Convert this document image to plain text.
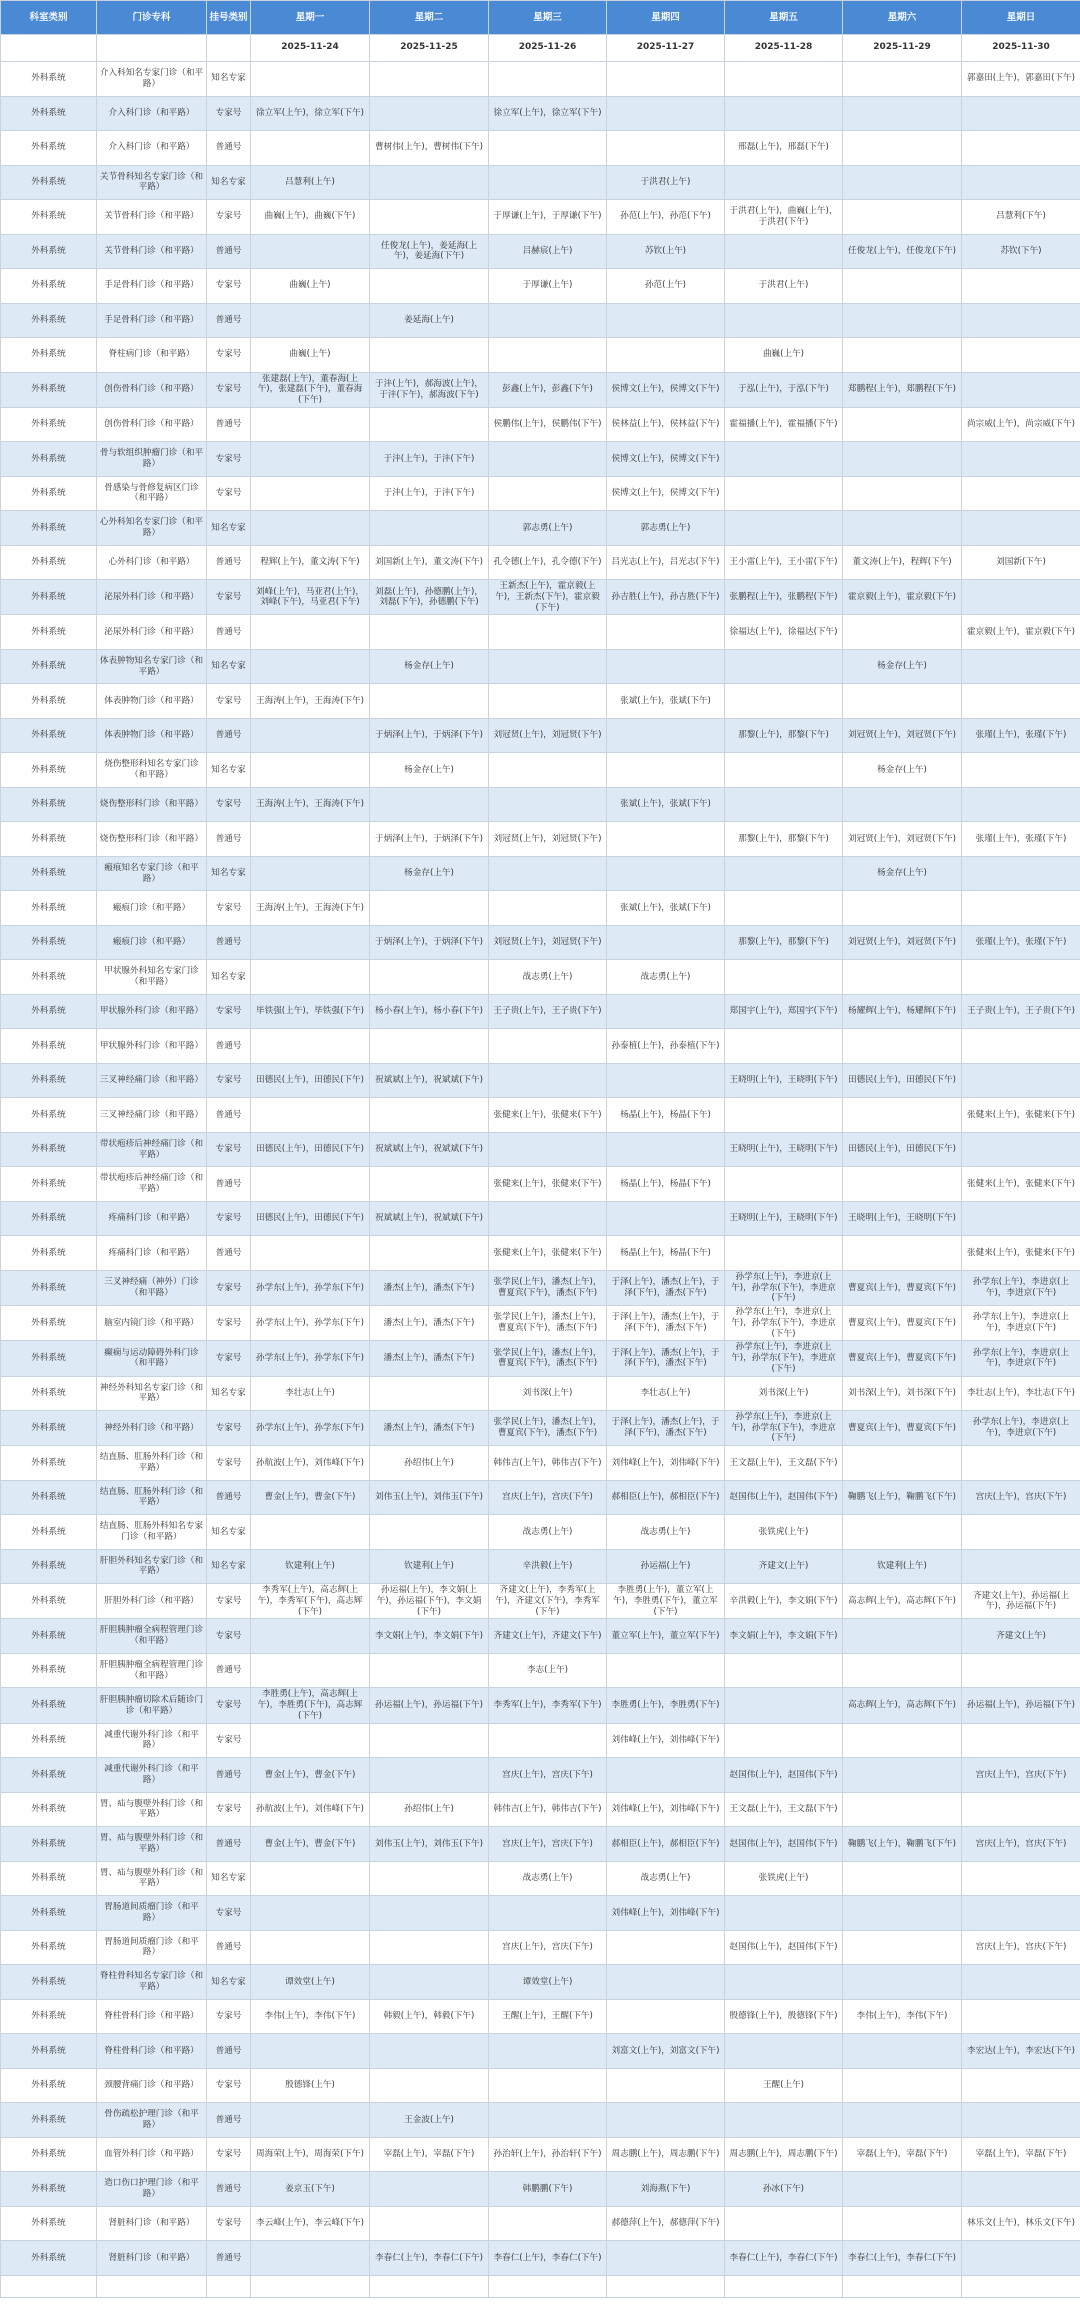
科室类别	门诊专科	挂号类别	星期一	星期二	星期三	星期四	星期五	星期六	星期日
			2025-11-24	2025-11-25	2025-11-26	2025-11-27	2025-11-28	2025-11-29	2025-11-30
外科系统	介入科知名专家门诊（和平路）	知名专家							郭嘉田(上午)，郭嘉田(下午)
外科系统	介入科门诊（和平路）	专家号	徐立军(上午)，徐立军(下午)		徐立军(上午)，徐立军(下午)				
外科系统	介入科门诊（和平路）	普通号		曹树伟(上午)，曹树伟(下午)			邢磊(上午)，邢磊(下午)		
外科系统	关节骨科知名专家门诊（和平路）	知名专家	吕慧利(上午)			于洪君(上午)			
外科系统	关节骨科门诊（和平路）	专家号	曲巍(上午)，曲巍(下午)		于厚谦(上午)，于厚谦(下午)	孙范(上午)，孙范(下午)	于洪君(上午)，曲巍(上午)，于洪君(下午)		吕慧利(下午)
外科系统	关节骨科门诊（和平路）	普通号		任俊龙(上午)，姜延海(上午)，姜延海(下午)	吕赫宸(上午)	苏钦(上午)		任俊龙(上午)，任俊龙(下午)	苏钦(下午)
外科系统	手足骨科门诊（和平路）	专家号	曲巍(上午)		于厚谦(上午)	孙范(上午)	于洪君(上午)		
外科系统	手足骨科门诊（和平路）	普通号		姜延海(上午)					
外科系统	脊柱病门诊（和平路）	专家号	曲巍(上午)				曲巍(上午)		
外科系统	创伤骨科门诊（和平路）	专家号	张建磊(上午)，董春海(上午)，张建磊(下午)，董春海(下午)	于沣(上午)，郝海波(上午)，于沣(下午)，郝海波(下午)	彭鑫(上午)，彭鑫(下午)	侯博文(上午)，侯博文(下午)	于泓(上午)，于泓(下午)	郑鹏程(上午)，郑鹏程(下午)	
外科系统	创伤骨科门诊（和平路）	普通号			侯鹏伟(上午)，侯鹏伟(下午)	侯林益(上午)，侯林益(下午)	霍福播(上午)，霍福播(下午)		尚宗威(上午)，尚宗威(下午)
外科系统	骨与软组织肿瘤门诊（和平路）	专家号		于沣(上午)，于沣(下午)		侯博文(上午)，侯博文(下午)			
外科系统	骨感染与骨修复病区门诊（和平路）	专家号		于沣(上午)，于沣(下午)		侯博文(上午)，侯博文(下午)			
外科系统	心外科知名专家门诊（和平路）	知名专家			郭志勇(上午)	郭志勇(上午)			
外科系统	心外科门诊（和平路）	普通号	程辉(上午)，董文涛(下午)	刘国新(上午)，董文涛(下午)	孔令德(上午)，孔令德(下午)	吕光志(上午)，吕光志(下午)	王小雷(上午)，王小雷(下午)	董文涛(上午)，程辉(下午)	刘国新(下午)
外科系统	泌尿外科门诊（和平路）	专家号	刘峰(上午)，马亚君(上午)，刘峰(下午)，马亚君(下午)	刘磊(上午)，孙德鹏(上午)，刘磊(下午)，孙德鹏(下午)	王新杰(上午)，霍京毅(上午)，王新杰(下午)，霍京毅(下午)	孙吉胜(上午)，孙吉胜(下午)	张鹏程(上午)，张鹏程(下午)	霍京毅(上午)，霍京毅(下午)	
外科系统	泌尿外科门诊（和平路）	普通号					徐福达(上午)，徐福达(下午)		霍京毅(上午)，霍京毅(下午)
外科系统	体表肿物知名专家门诊（和平路）	知名专家		杨金存(上午)				杨金存(上午)	
外科系统	体表肿物门诊（和平路）	专家号	王海涛(上午)，王海涛(下午)			张斌(上午)，张斌(下午)			
外科系统	体表肿物门诊（和平路）	普通号		于炳泽(上午)，于炳泽(下午)	刘冠贤(上午)，刘冠贤(下午)		那黎(上午)，那黎(下午)	刘冠贤(上午)，刘冠贤(下午)	张瑾(上午)，张瑾(下午)
外科系统	烧伤整形科知名专家门诊（和平路）	知名专家		杨金存(上午)				杨金存(上午)	
外科系统	烧伤整形科门诊（和平路）	专家号	王海涛(上午)，王海涛(下午)			张斌(上午)，张斌(下午)			
外科系统	烧伤整形科门诊（和平路）	普通号		于炳泽(上午)，于炳泽(下午)	刘冠贤(上午)，刘冠贤(下午)		那黎(上午)，那黎(下午)	刘冠贤(上午)，刘冠贤(下午)	张瑾(上午)，张瑾(下午)
外科系统	瘢痕知名专家门诊（和平路）	知名专家		杨金存(上午)				杨金存(上午)	
外科系统	瘢痕门诊（和平路）	专家号	王海涛(上午)，王海涛(下午)			张斌(上午)，张斌(下午)			
外科系统	瘢痕门诊（和平路）	普通号		于炳泽(上午)，于炳泽(下午)	刘冠贤(上午)，刘冠贤(下午)		那黎(上午)，那黎(下午)	刘冠贤(上午)，刘冠贤(下午)	张瑾(上午)，张瑾(下午)
外科系统	甲状腺外科知名专家门诊（和平路）	知名专家			战志勇(上午)	战志勇(上午)			
外科系统	甲状腺外科门诊（和平路）	专家号	毕铁强(上午)，毕铁强(下午)	杨小春(上午)，杨小春(下午)	王子贵(上午)，王子贵(下午)		郑国宇(上午)，郑国宇(下午)	杨耀辉(上午)，杨耀辉(下午)	王子贵(上午)，王子贵(下午)
外科系统	甲状腺外科门诊（和平路）	普通号				孙泰植(上午)，孙泰植(下午)			
外科系统	三叉神经痛门诊（和平路）	专家号	田德民(上午)，田德民(下午)	祝斌斌(上午)，祝斌斌(下午)			王晓明(上午)，王晓明(下午)	田德民(上午)，田德民(下午)	
外科系统	三叉神经痛门诊（和平路）	普通号			张健来(上午)，张健来(下午)	杨晶(上午)，杨晶(下午)			张健来(上午)，张健来(下午)
外科系统	带状疱疹后神经痛门诊（和平路）	专家号	田德民(上午)，田德民(下午)	祝斌斌(上午)，祝斌斌(下午)			王晓明(上午)，王晓明(下午)	田德民(上午)，田德民(下午)	
外科系统	带状疱疹后神经痛门诊（和平路）	普通号			张健来(上午)，张健来(下午)	杨晶(上午)，杨晶(下午)			张健来(上午)，张健来(下午)
外科系统	疼痛科门诊（和平路）	专家号	田德民(上午)，田德民(下午)	祝斌斌(上午)，祝斌斌(下午)			王晓明(上午)，王晓明(下午)	王晓明(上午)，王晓明(下午)	
外科系统	疼痛科门诊（和平路）	普通号			张健来(上午)，张健来(下午)	杨晶(上午)，杨晶(下午)			张健来(上午)，张健来(下午)
外科系统	三叉神经痛（神外）门诊（和平路）	专家号	孙学东(上午)，孙学东(下午)	潘杰(上午)，潘杰(下午)	张学民(上午)，潘杰(上午)，曹夏宾(下午)，潘杰(下午)	于泽(上午)，潘杰(上午)，于泽(下午)，潘杰(下午)	孙学东(上午)，李进京(上午)，孙学东(下午)，李进京(下午)	曹夏宾(上午)，曹夏宾(下午)	孙学东(上午)，李进京(上午)，李进京(下午)
外科系统	脑室内镜门诊（和平路）	专家号	孙学东(上午)，孙学东(下午)	潘杰(上午)，潘杰(下午)	张学民(上午)，潘杰(上午)，曹夏宾(下午)，潘杰(下午)	于泽(上午)，潘杰(上午)，于泽(下午)，潘杰(下午)	孙学东(上午)，李进京(上午)，孙学东(下午)，李进京(下午)	曹夏宾(上午)，曹夏宾(下午)	孙学东(上午)，李进京(上午)，李进京(下午)
外科系统	癫痫与运动障碍外科门诊（和平路）	专家号	孙学东(上午)，孙学东(下午)	潘杰(上午)，潘杰(下午)	张学民(上午)，潘杰(上午)，曹夏宾(下午)，潘杰(下午)	于泽(上午)，潘杰(上午)，于泽(下午)，潘杰(下午)	孙学东(上午)，李进京(上午)，孙学东(下午)，李进京(下午)	曹夏宾(上午)，曹夏宾(下午)	孙学东(上午)，李进京(上午)，李进京(下午)
外科系统	神经外科知名专家门诊（和平路）	知名专家	李壮志(上午)		刘书深(上午)	李壮志(上午)	刘书深(上午)	刘书深(上午)，刘书深(下午)	李壮志(上午)，李壮志(下午)
外科系统	神经外科门诊（和平路）	专家号	孙学东(上午)，孙学东(下午)	潘杰(上午)，潘杰(下午)	张学民(上午)，潘杰(上午)，曹夏宾(下午)，潘杰(下午)	于泽(上午)，潘杰(上午)，于泽(下午)，潘杰(下午)	孙学东(上午)，李进京(上午)，孙学东(下午)，李进京(下午)	曹夏宾(上午)，曹夏宾(下午)	孙学东(上午)，李进京(上午)，李进京(下午)
外科系统	结直肠、肛肠外科门诊（和平路）	专家号	孙航波(上午)，刘伟峰(下午)	孙绍伟(上午)	韩伟吉(上午)，韩伟吉(下午)	刘伟峰(上午)，刘伟峰(下午)	王文磊(上午)，王文磊(下午)		
外科系统	结直肠、肛肠外科门诊（和平路）	普通号	曹金(上午)，曹金(下午)	刘伟玉(上午)，刘伟玉(下午)	宫庆(上午)，宫庆(下午)	郝相臣(上午)，郝相臣(下午)	赵国伟(上午)，赵国伟(下午)	鞠鹏飞(上午)，鞠鹏飞(下午)	宫庆(上午)，宫庆(下午)
外科系统	结直肠、肛肠外科知名专家门诊（和平路）	知名专家			战志勇(上午)	战志勇(上午)	张铁虎(上午)		
外科系统	肝胆外科知名专家门诊（和平路）	知名专家	钦建利(上午)	钦建利(上午)	辛洪毅(上午)	孙运福(上午)	齐建文(上午)	钦建利(上午)	
外科系统	肝胆外科门诊（和平路）	专家号	李秀军(上午)，高志辉(上午)，李秀军(下午)，高志辉(下午)	孙运福(上午)，李文娟(上午)，孙运福(下午)，李文娟(下午)	齐建文(上午)，李秀军(上午)，齐建文(下午)，李秀军(下午)	李胜勇(上午)，董立军(上午)，李胜勇(下午)，董立军(下午)	辛洪毅(上午)，李文娟(下午)	高志辉(上午)，高志辉(下午)	齐建文(上午)，孙运福(上午)，孙运福(下午)
外科系统	肝胆胰肿瘤全病程管理门诊（和平路）	专家号		李文娟(上午)，李文娟(下午)	齐建文(上午)，齐建文(下午)	董立军(上午)，董立军(下午)	李文娟(上午)，李文娟(下午)		齐建文(上午)
外科系统	肝胆胰肿瘤全病程管理门诊（和平路）	普通号			李志(上午)				
外科系统	肝胆胰肿瘤切除术后随诊门诊（和平路）	专家号	李胜勇(上午)，高志辉(上午)，李胜勇(下午)，高志辉(下午)	孙运福(上午)，孙运福(下午)	李秀军(上午)，李秀军(下午)	李胜勇(上午)，李胜勇(下午)		高志辉(上午)，高志辉(下午)	孙运福(上午)，孙运福(下午)
外科系统	减重代谢外科门诊（和平路）	专家号				刘伟峰(上午)，刘伟峰(下午)			
外科系统	减重代谢外科门诊（和平路）	普通号	曹金(上午)，曹金(下午)		宫庆(上午)，宫庆(下午)		赵国伟(上午)，赵国伟(下午)		宫庆(上午)，宫庆(下午)
外科系统	胃、疝与腹壁外科门诊（和平路）	专家号	孙航波(上午)，刘伟峰(下午)	孙绍伟(上午)	韩伟吉(上午)，韩伟吉(下午)	刘伟峰(上午)，刘伟峰(下午)	王文磊(上午)，王文磊(下午)		
外科系统	胃、疝与腹壁外科门诊（和平路）	普通号	曹金(上午)，曹金(下午)	刘伟玉(上午)，刘伟玉(下午)	宫庆(上午)，宫庆(下午)	郝相臣(上午)，郝相臣(下午)	赵国伟(上午)，赵国伟(下午)	鞠鹏飞(上午)，鞠鹏飞(下午)	宫庆(上午)，宫庆(下午)
外科系统	胃、疝与腹壁外科门诊（和平路）	知名专家			战志勇(上午)	战志勇(上午)	张铁虎(上午)		
外科系统	胃肠道间质瘤门诊（和平路）	专家号				刘伟峰(上午)，刘伟峰(下午)			
外科系统	胃肠道间质瘤门诊（和平路）	普通号			宫庆(上午)，宫庆(下午)		赵国伟(上午)，赵国伟(下午)		宫庆(上午)，宫庆(下午)
外科系统	脊柱骨科知名专家门诊（和平路）	知名专家	谭效堂(上午)		谭效堂(上午)				
外科系统	脊柱骨科门诊（和平路）	专家号	李伟(上午)，李伟(下午)	韩毅(上午)，韩毅(下午)	王醒(上午)，王醒(下午)		殷德锋(上午)，殷德锋(下午)	李伟(上午)，李伟(下午)	
外科系统	脊柱骨科门诊（和平路）	普通号				刘富文(上午)，刘富文(下午)			李宏达(上午)，李宏达(下午)
外科系统	颈腰背痛门诊（和平路）	专家号	殷德锋(上午)				王醒(上午)		
外科系统	骨伤疏松护理门诊（和平路）	普通号		王金波(上午)					
外科系统	血管外科门诊（和平路）	专家号	周海荣(上午)，周海荣(下午)	宰磊(上午)，宰磊(下午)	孙治轩(上午)，孙治轩(下午)	周志鹏(上午)，周志鹏(下午)	周志鹏(上午)，周志鹏(下午)	宰磊(上午)，宰磊(下午)	宰磊(上午)，宰磊(下午)
外科系统	造口伤口护理门诊（和平路）	普通号	姜京玉(下午)		韩鹏鹏(下午)	刘海燕(下午)	孙冰(下午)		
外科系统	肾脏科门诊（和平路）	专家号	李云峰(上午)，李云峰(下午)			郝德萍(上午)，郝德萍(下午)			林乐文(上午)，林乐文(下午)
外科系统	肾脏科门诊（和平路）	普通号		李春仁(上午)，李春仁(下午)	李春仁(上午)，李春仁(下午)		李春仁(上午)，李春仁(下午)	李春仁(上午)，李春仁(下午)	
